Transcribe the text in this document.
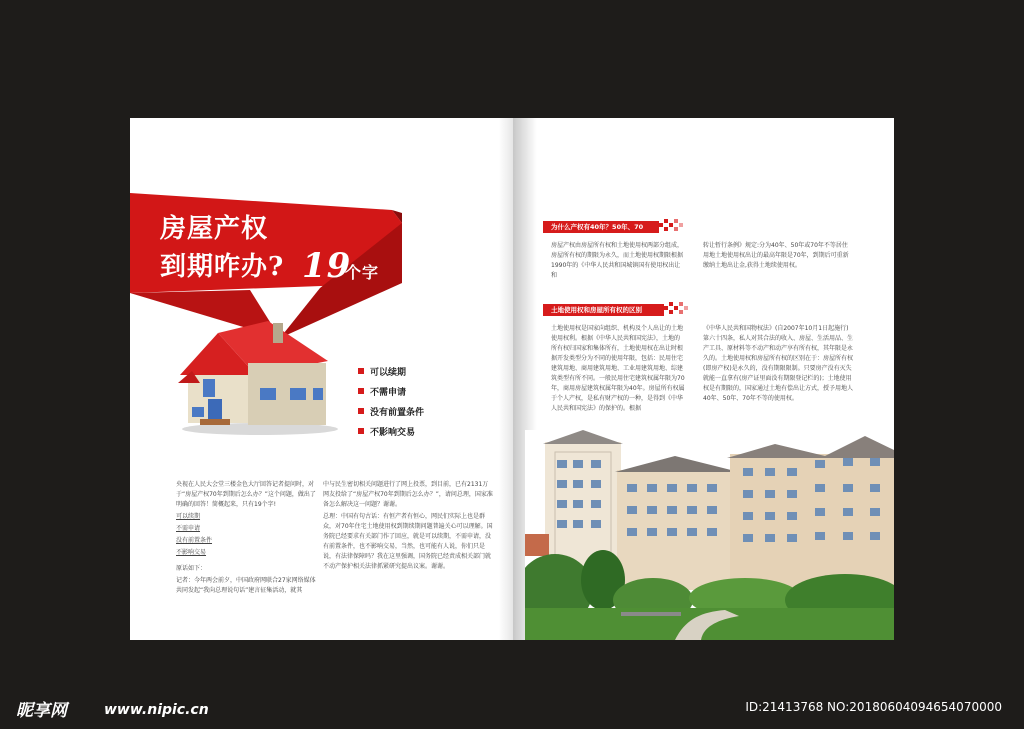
房屋产权
到期咋办? 19
个字
可以续期
不需申请
没有前置条件
不影响交易

央视在人民大会堂三楼金色大厅回答记者提问时，对于“房屋产权70年到期后怎么办？”这个问题，做出了明确的回答！简概起来，只有19个字!

可以续期

不需申请

没有前置条件

不影响交易

原话如下：

记者：今年两会前夕，中国政府网联合27家网络媒体共同发起“我向总理说句话”建言征集活动，就其

中与民生密切相关问题进行了网上投票，到目前，已有2131万网友投给了“房屋产权70年到期后怎么办？”，请问总理，国家准备怎么解决这一问题？谢谢。

总理：中国有句古话：有恒产者有恒心，网民们实际上也是群众，对70年住宅土地使用权到期续期问题普遍关心可以理解。国务院已经要求有关部门作了回应，就是可以续期，不需申请，没有前置条件，也不影响交易，当然，也可能有人说，你们只是说，有法律保障吗？我在这里强调，国务院已经责成相关部门就不动产保护相关法律抓紧研究提出议案。谢谢。

为什么产权有40年？50年、70年？
房屋产权由房屋所有权和土地使用权两部分组成，房屋所有权的期限为永久，而土地使用权期限根据1990年的《中华人民共和国城镇国有使用权出让和
转让暂行条例》规定:分为40年、50年或70年不等居住用地土地使用权出让的最高年限是70年，到期后可重新缴纳土地出让金,获得土地续使用权。
土地使用权和房屋所有权的区别
土地使用权是国家向组织、机构及个人出让的土地使用权利。根据《中华人民共和国宪法》，土地的所有权归国家和集体所有，土地使用权在出让时根据开发类型分为不同的使用年限，包括：民用住宅建筑用地、商用建筑用地、工业用建筑用地、综建筑类型有所不同。一般民用住宅建筑权属年限为70年，商用房屋建筑权属年限为40年。房屋所有权属于个人产权，是私有财产权的一种，是得到《中华人民共和国宪法》的保护的。根据
《中华人民共和国物权法》(自2007年10月1日起施行)第六十四条，私人对其合法的收入、房屋、生活用品、生产工具、原材料等不动产和动产享有所有权，其年限是永久的。土地使用权和房屋所有权的区别在于：房屋所有权(即房产权)是永久的，没有期限限制。只要房产没有灭失就能一直拿有(房产证里面没有期限登记栏的)；土地使用权是有期限的，国家通过土地有偿出让方式，授予用地人40年、50年、70年不等的使用权。
昵享网	www.nipic.cn	ID:21413768 NO:20180604094654070000
